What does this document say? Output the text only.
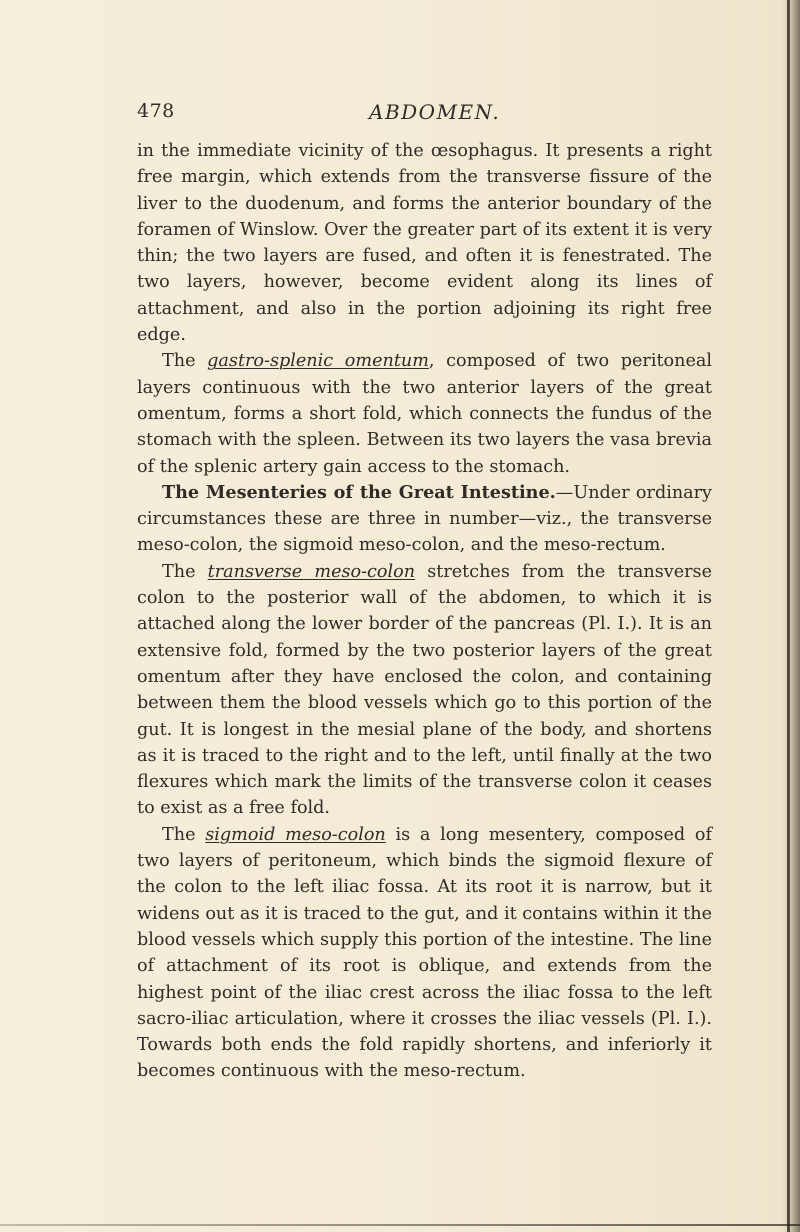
478	ABDOMEN.

in the immediate vicinity of the œsophagus. It presents a right free margin, which extends from the transverse fissure of the liver to the duodenum, and forms the anterior boundary of the foramen of Winslow. Over the greater part of its extent it is very thin; the two layers are fused, and often it is fenestrated. The two layers, however, become evident along its lines of attachment, and also in the portion adjoining its right free edge.

The gastro-splenic omentum, composed of two peritoneal layers continuous with the two anterior layers of the great omentum, forms a short fold, which connects the fundus of the stomach with the spleen. Between its two layers the vasa brevia of the splenic artery gain access to the stomach.

The Mesenteries of the Great Intestine.—Under ordinary circumstances these are three in number—viz., the transverse meso-colon, the sigmoid meso-colon, and the meso-rectum.

The transverse meso-colon stretches from the transverse colon to the posterior wall of the abdomen, to which it is attached along the lower border of the pancreas (Pl. I.). It is an extensive fold, formed by the two posterior layers of the great omentum after they have enclosed the colon, and containing between them the blood vessels which go to this portion of the gut. It is longest in the mesial plane of the body, and shortens as it is traced to the right and to the left, until finally at the two flexures which mark the limits of the transverse colon it ceases to exist as a free fold.

The sigmoid meso-colon is a long mesentery, composed of two layers of peritoneum, which binds the sigmoid flexure of the colon to the left iliac fossa. At its root it is narrow, but it widens out as it is traced to the gut, and it contains within it the blood vessels which supply this portion of the intestine. The line of attachment of its root is oblique, and extends from the highest point of the iliac crest across the iliac fossa to the left sacro-iliac articulation, where it crosses the iliac vessels (Pl. I.). Towards both ends the fold rapidly shortens, and inferiorly it becomes continuous with the meso-rectum.
